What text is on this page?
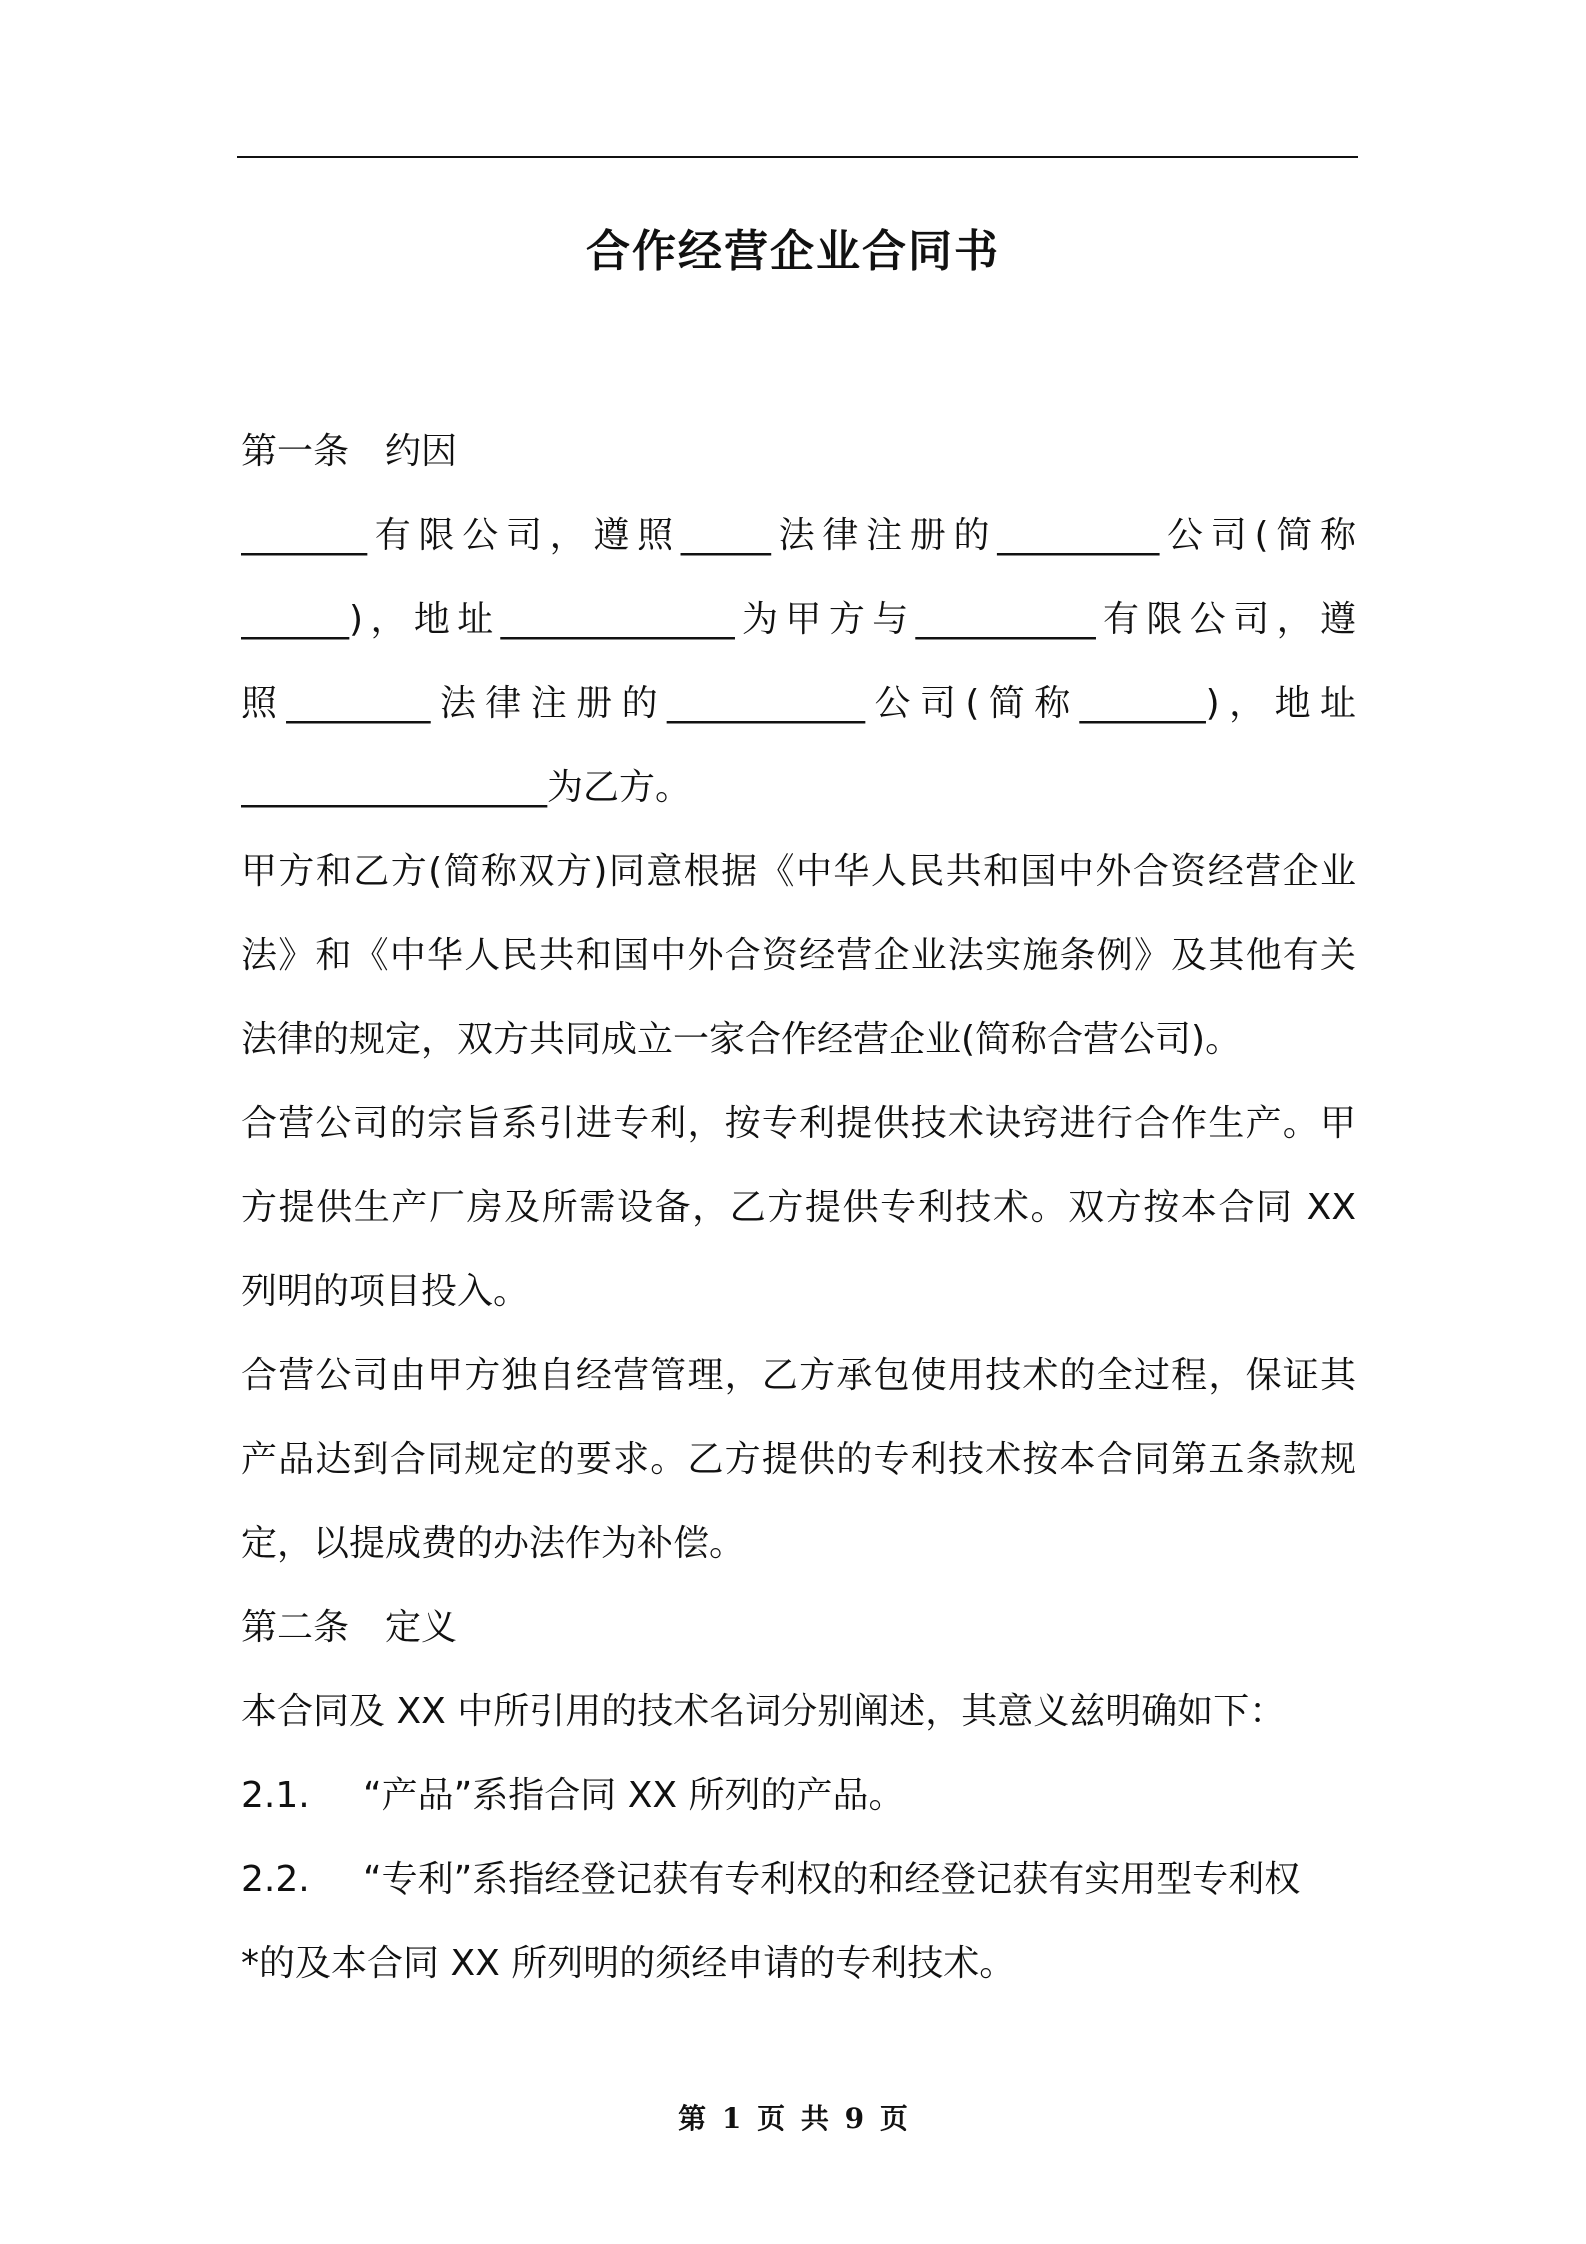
合作经营企业合同书
第一条　约因
_______有限公司，遵照_____法律注册的_________公司(简称
______)，地址_____________为甲方与__________有限公司，遵
照________法律注册的___________公司(简称_______)，地址
_________________为乙方。
甲方和乙方(简称双方)同意根据《中华人民共和国中外合资经营企业
法》和《中华人民共和国中外合资经营企业法实施条例》及其他有关
法律的规定，双方共同成立一家合作经营企业(简称合营公司)。
合营公司的宗旨系引进专利，按专利提供技术诀窍进行合作生产。甲
方提供生产厂房及所需设备，乙方提供专利技术。双方按本合同 XX
列明的项目投入。
合营公司由甲方独自经营管理，乙方承包使用技术的全过程，保证其
产品达到合同规定的要求。乙方提供的专利技术按本合同第五条款规
定，以提成费的办法作为补偿。
第二条　定义
本合同及 XX 中所引用的技术名词分别阐述，其意义兹明确如下：
2.1. “产品”系指合同 XX 所列的产品。
2.2. “专利”系指经登记获有专利权的和经登记获有实用型专利权
*的及本合同 XX 所列明的须经申请的专利技术。
第 1 页 共 9 页
